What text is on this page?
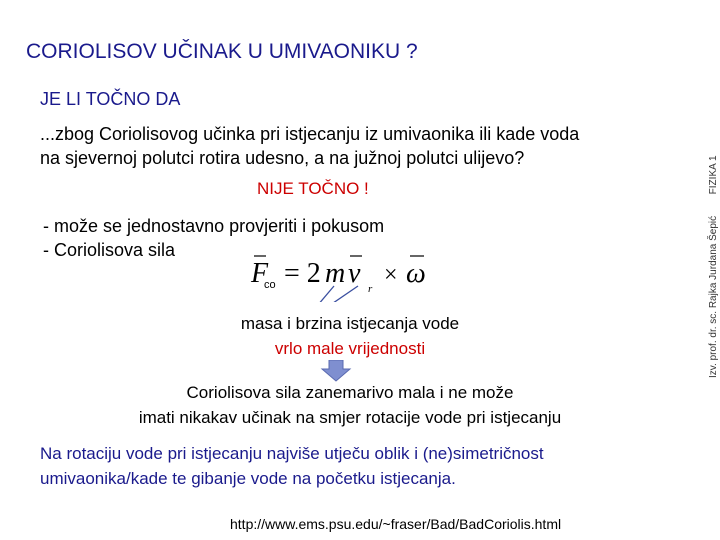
CORIOLISOV UČINAK U UMIVAONIKU ?
JE LI TOČNO DA
...zbog Coriolisovog učinka pri istjecanju iz umivaonika ili kade voda
na sjevernoj polutci rotira udesno, a na južnoj polutci ulijevo?
NIJE TOČNO !
- može se jednostavno provjeriti i pokusom
- Coriolisova sila
F
co = 2 m v r
× ω
masa i brzina istjecanja vode
vrlo male vrijednosti
Coriolisova sila zanemarivo mala i ne može
imati nikakav učinak na smjer rotacije vode pri istjecanju
Na rotaciju vode pri istjecanju najviše utječu oblik i (ne)simetričnost
umivaonika/kade te gibanje vode na početku istjecanja.
http://www.ems.psu.edu/~fraser/Bad/BadCoriolis.html
Izv. prof. dr. sc. Rajka Jurdana Šepić  FIZIKA 1
